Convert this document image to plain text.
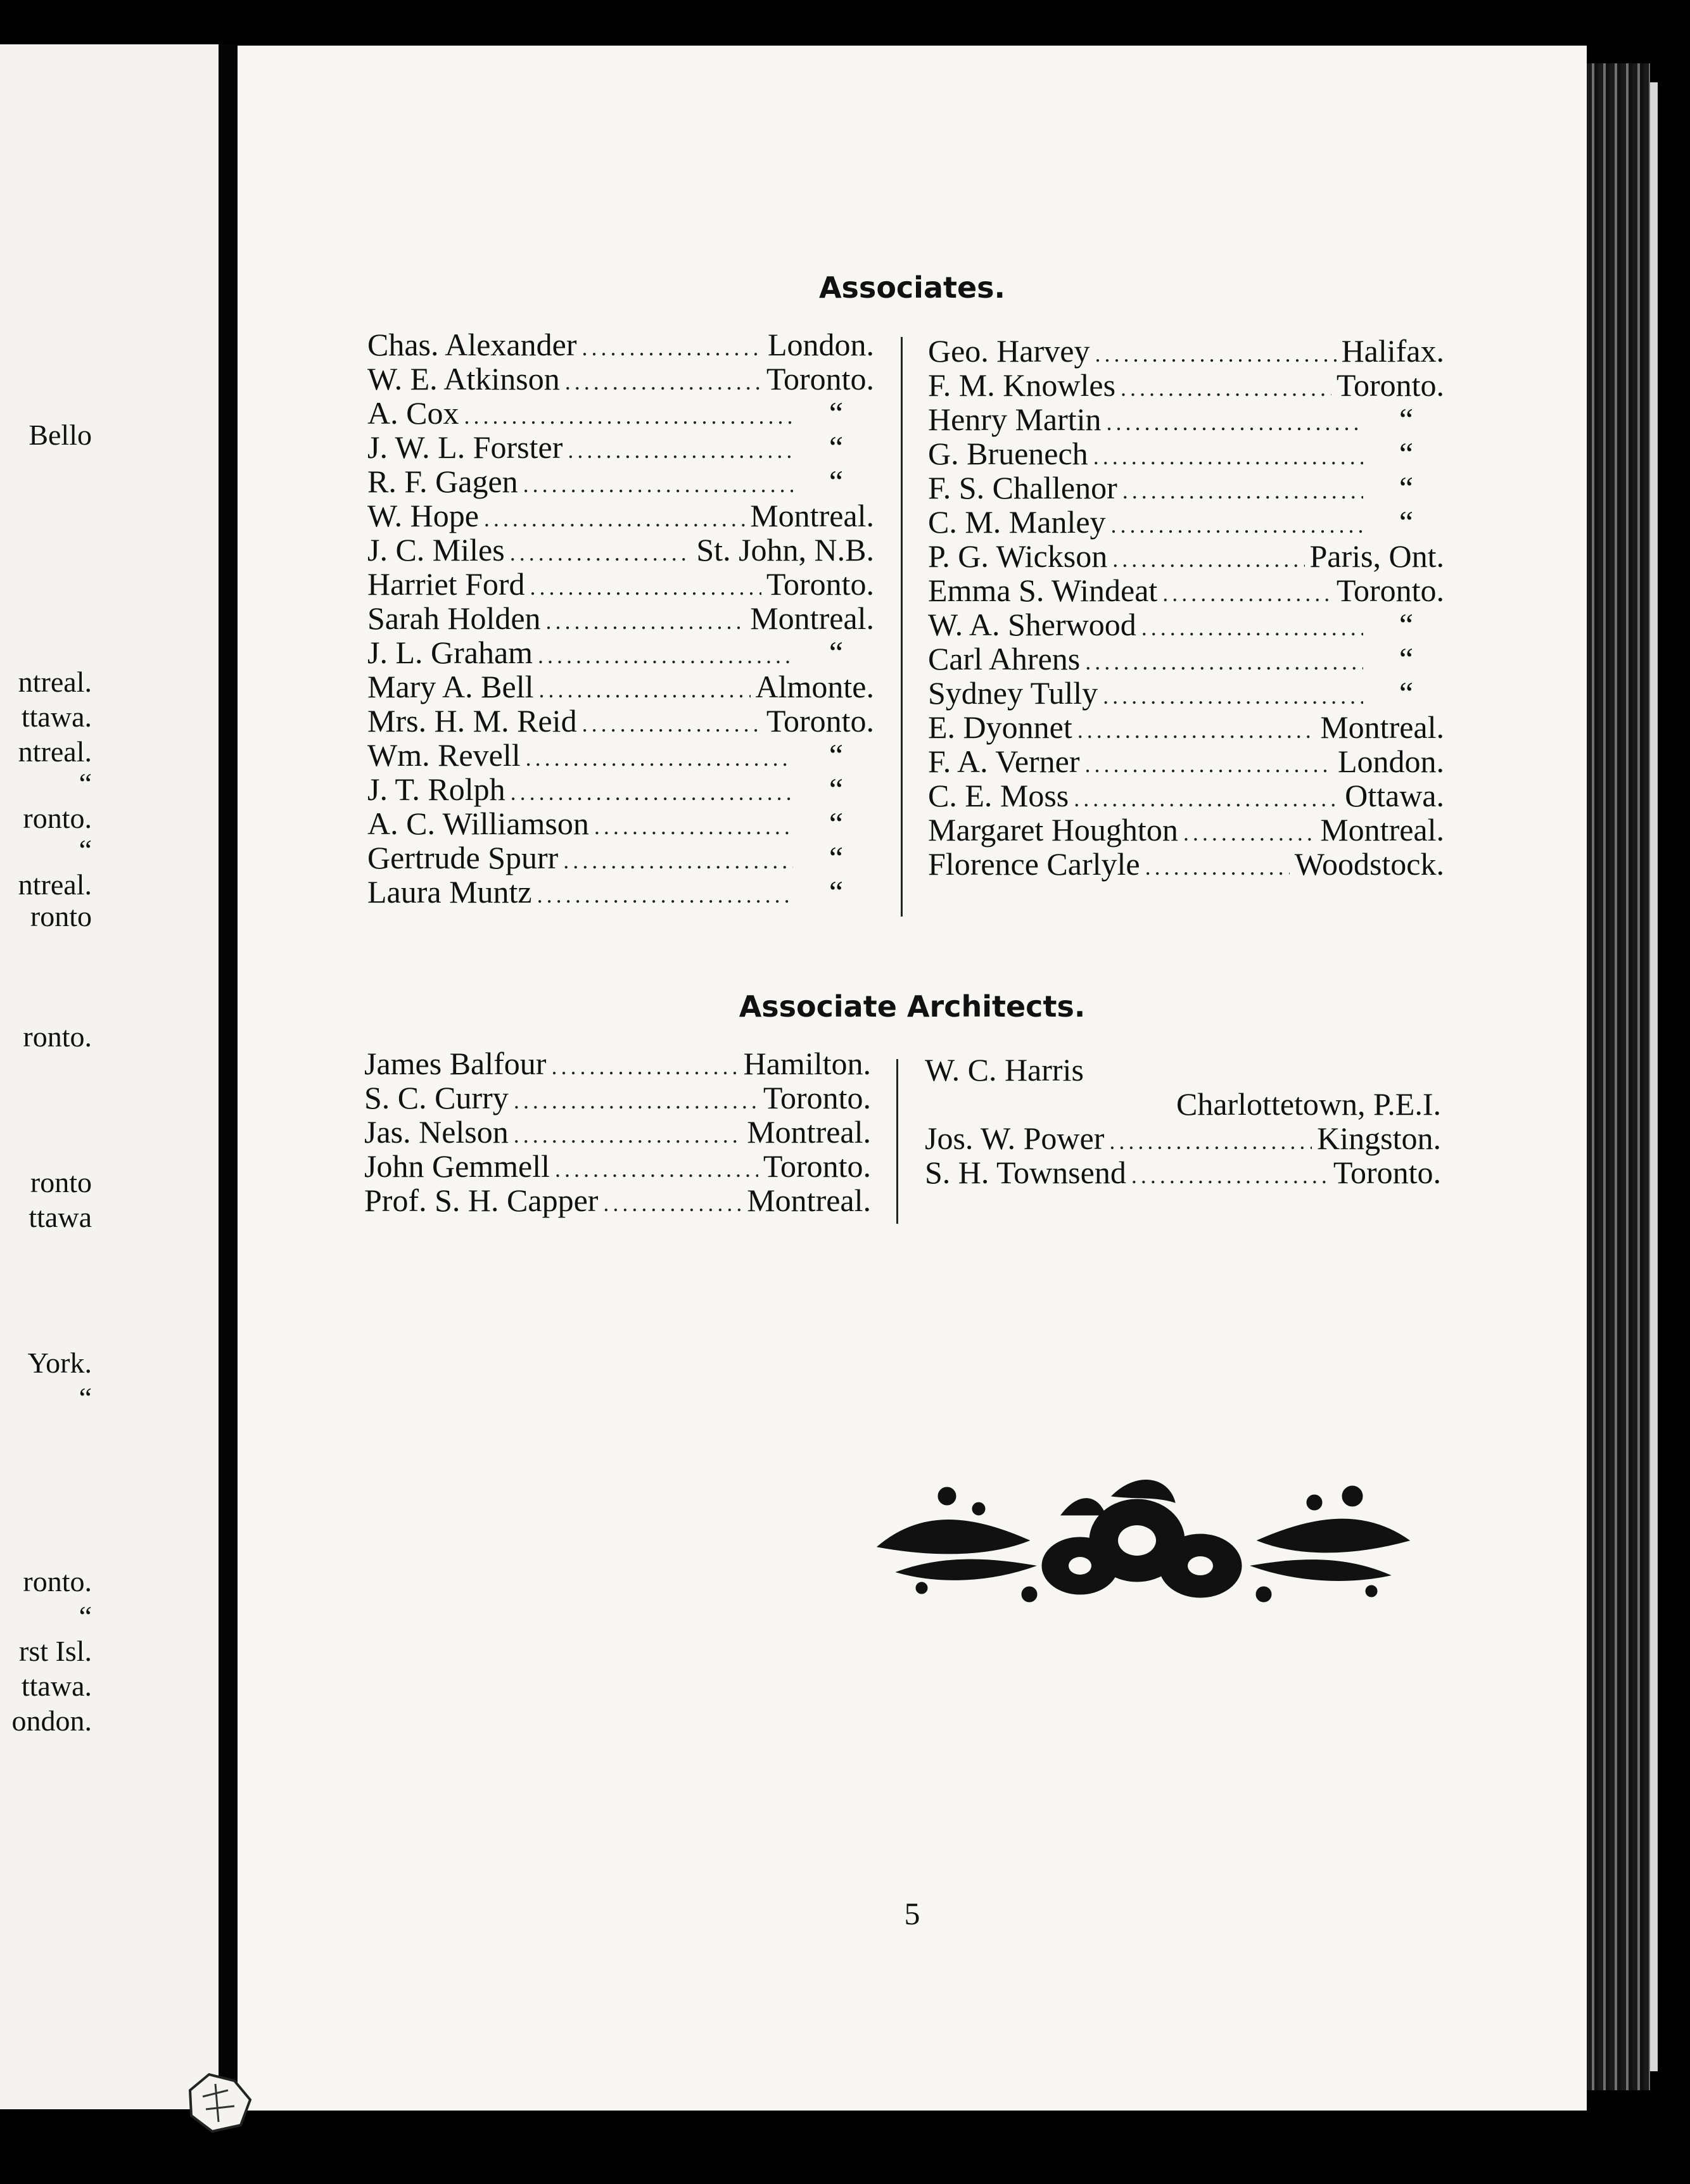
Bello
ntreal.
ttawa.
ntreal.
“
ronto.
“
ntreal.
ronto
ronto.
ronto
ttawa
York.
“
ronto.
“
rst Isl.
ttawa.
ondon.
Associates.
Chas. Alexander .....	London.
W. E. Atkinson .....	Toronto.
A. Cox .....	“
J. W. L. Forster .....	“
R. F. Gagen .....	“
W. Hope .....	Montreal.
J. C. Miles .....	St. John, N.B.
Harriet Ford .....	Toronto.
Sarah Holden .....	Montreal.
J. L. Graham .....	“
Mary A. Bell .....	Almonte.
Mrs. H. M. Reid .....	Toronto.
Wm. Revell .....	“
J. T. Rolph .....	“
A. C. Williamson .....	“
Gertrude Spurr .....	“
Laura Muntz .....	“
Geo. Harvey .....	Halifax.
F. M. Knowles .....	Toronto.
Henry Martin .....	“
G. Bruenech .....	“
F. S. Challenor .....	“
C. M. Manley .....	“
P. G. Wickson .....	Paris, Ont.
Emma S. Windeat .....	Toronto.
W. A. Sherwood .....	“
Carl Ahrens .....	“
Sydney Tully .....	“
E. Dyonnet .....	Montreal.
F. A. Verner .....	London.
C. E. Moss .....	Ottawa.
Margaret Houghton .....	Montreal.
Florence Carlyle .....	Woodstock.
Associate Architects.
James Balfour .....	Hamilton.
S. C. Curry .....	Toronto.
Jas. Nelson .....	Montreal.
John Gemmell .....	Toronto.
Prof. S. H. Capper .....	Montreal.
W. C. Harris
Charlottetown, P.E.I.
Jos. W. Power .....	Kingston.
S. H. Townsend .....	Toronto.
5
